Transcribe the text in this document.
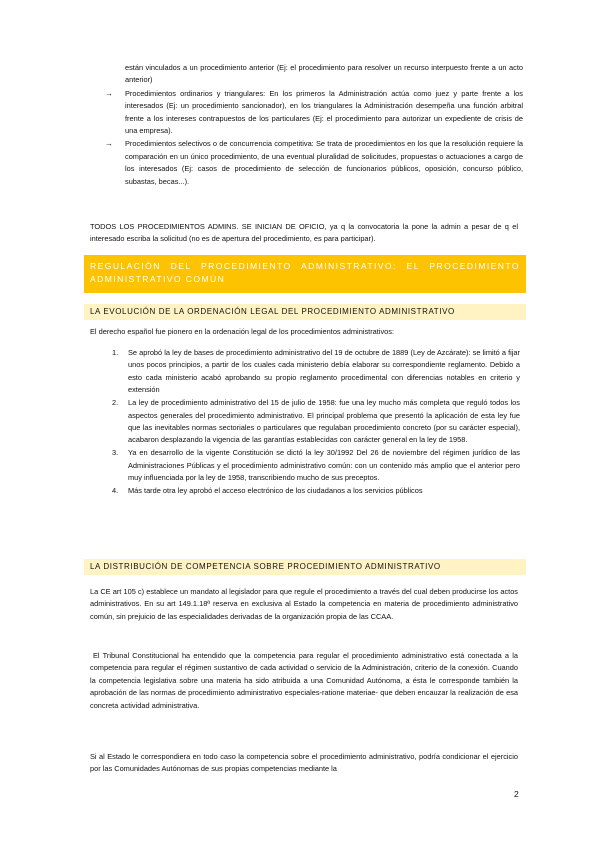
están vinculados a un procedimiento anterior (Ej: el procedimiento para resolver un recurso interpuesto frente a un acto anterior)
→ Procedimientos ordinarios y triangulares: En los primeros la Administración actúa como juez y parte frente a los interesados (Ej: un procedimiento sancionador), en los triangulares la Administración desempeña una función arbitral frente a los intereses contrapuestos de los particulares (Ej: el procedimiento para autorizar un expediente de crisis de una empresa).
→ Procedimientos selectivos o de concurrencia competitiva: Se trata de procedimientos en los que la resolución requiere la comparación en un único procedimiento, de una eventual pluralidad de solicitudes, propuestas o actuaciones a cargo de los interesados (Ej: casos de procedimiento de selección de funcionarios públicos, oposición, concurso público, subastas, becas...).

TODOS LOS PROCEDIMIENTOS ADMINS. SE INICIAN DE OFICIO, ya q la convocatoria la pone la admin a pesar de q el interesado escriba la solicitud (no es de apertura del procedimiento, es para participar).

REGULACIÓN DEL PROCEDIMIENTO ADMINISTRATIVO: EL PROCEDIMIENTO ADMINISTRATIVO COMÚN
LA EVOLUCIÓN DE LA ORDENACIÓN LEGAL DEL PROCEDIMIENTO ADMINISTRATIVO

El derecho español fue pionero en la ordenación legal de los procedimientos administrativos:

1. Se aprobó la ley de bases de procedimiento administrativo del 19 de octubre de 1889 (Ley de Azcárate): se limitó a fijar unos pocos principios, a partir de los cuales cada ministerio debía elaborar su correspondiente reglamento. Debido a esto cada ministerio acabó aprobando su propio reglamento procedimental con diferencias notables en criterio y extensión
2. La ley de procedimiento administrativo del 15 de julio de 1958: fue una ley mucho más completa que reguló todos los aspectos generales del procedimiento administrativo. El principal problema que presentó la aplicación de esta ley fue que las inevitables normas sectoriales o particulares que regulaban procedimiento concreto (por su carácter especial), acabaron desplazando la vigencia de las garantías establecidas con carácter general en la ley de 1958.
3. Ya en desarrollo de la vigente Constitución se dictó la ley 30/1992 Del 26 de noviembre del régimen jurídico de las Administraciones Públicas y el procedimiento administrativo común: con un contenido más amplio que el anterior pero muy influenciada por la ley de 1958, transcribiendo mucho de sus preceptos.
4. Más tarde otra ley aprobó el acceso electrónico de los ciudadanos a los servicios públicos
LA DISTRIBUCIÓN DE COMPETENCIA SOBRE PROCEDIMIENTO ADMINISTRATIVO

La CE art 105 c) establece un mandato al legislador para que regule el procedimiento a través del cual deben producirse los actos administrativos. En su art 149.1.18ª reserva en exclusiva al Estado la competencia en materia de procedimiento administrativo común, sin prejuicio de las especialidades derivadas de la organización propia de las CCAA.

El Tribunal Constitucional ha entendido que la competencia para regular el procedimiento administrativo está conectada a la competencia para regular el régimen sustantivo de cada actividad o servicio de la Administración, criterio de la conexión. Cuando la competencia legislativa sobre una materia ha sido atribuida a una Comunidad Autónoma, a ésta le corresponde también la aprobación de las normas de procedimiento administrativo especiales-ratione materiae- que deben encauzar la realización de esa concreta actividad administrativa.

Si al Estado le correspondiera en todo caso la competencia sobre el procedimiento administrativo, podría condicionar el ejercicio por las Comunidades Autónomas de sus propias competencias mediante la

2
